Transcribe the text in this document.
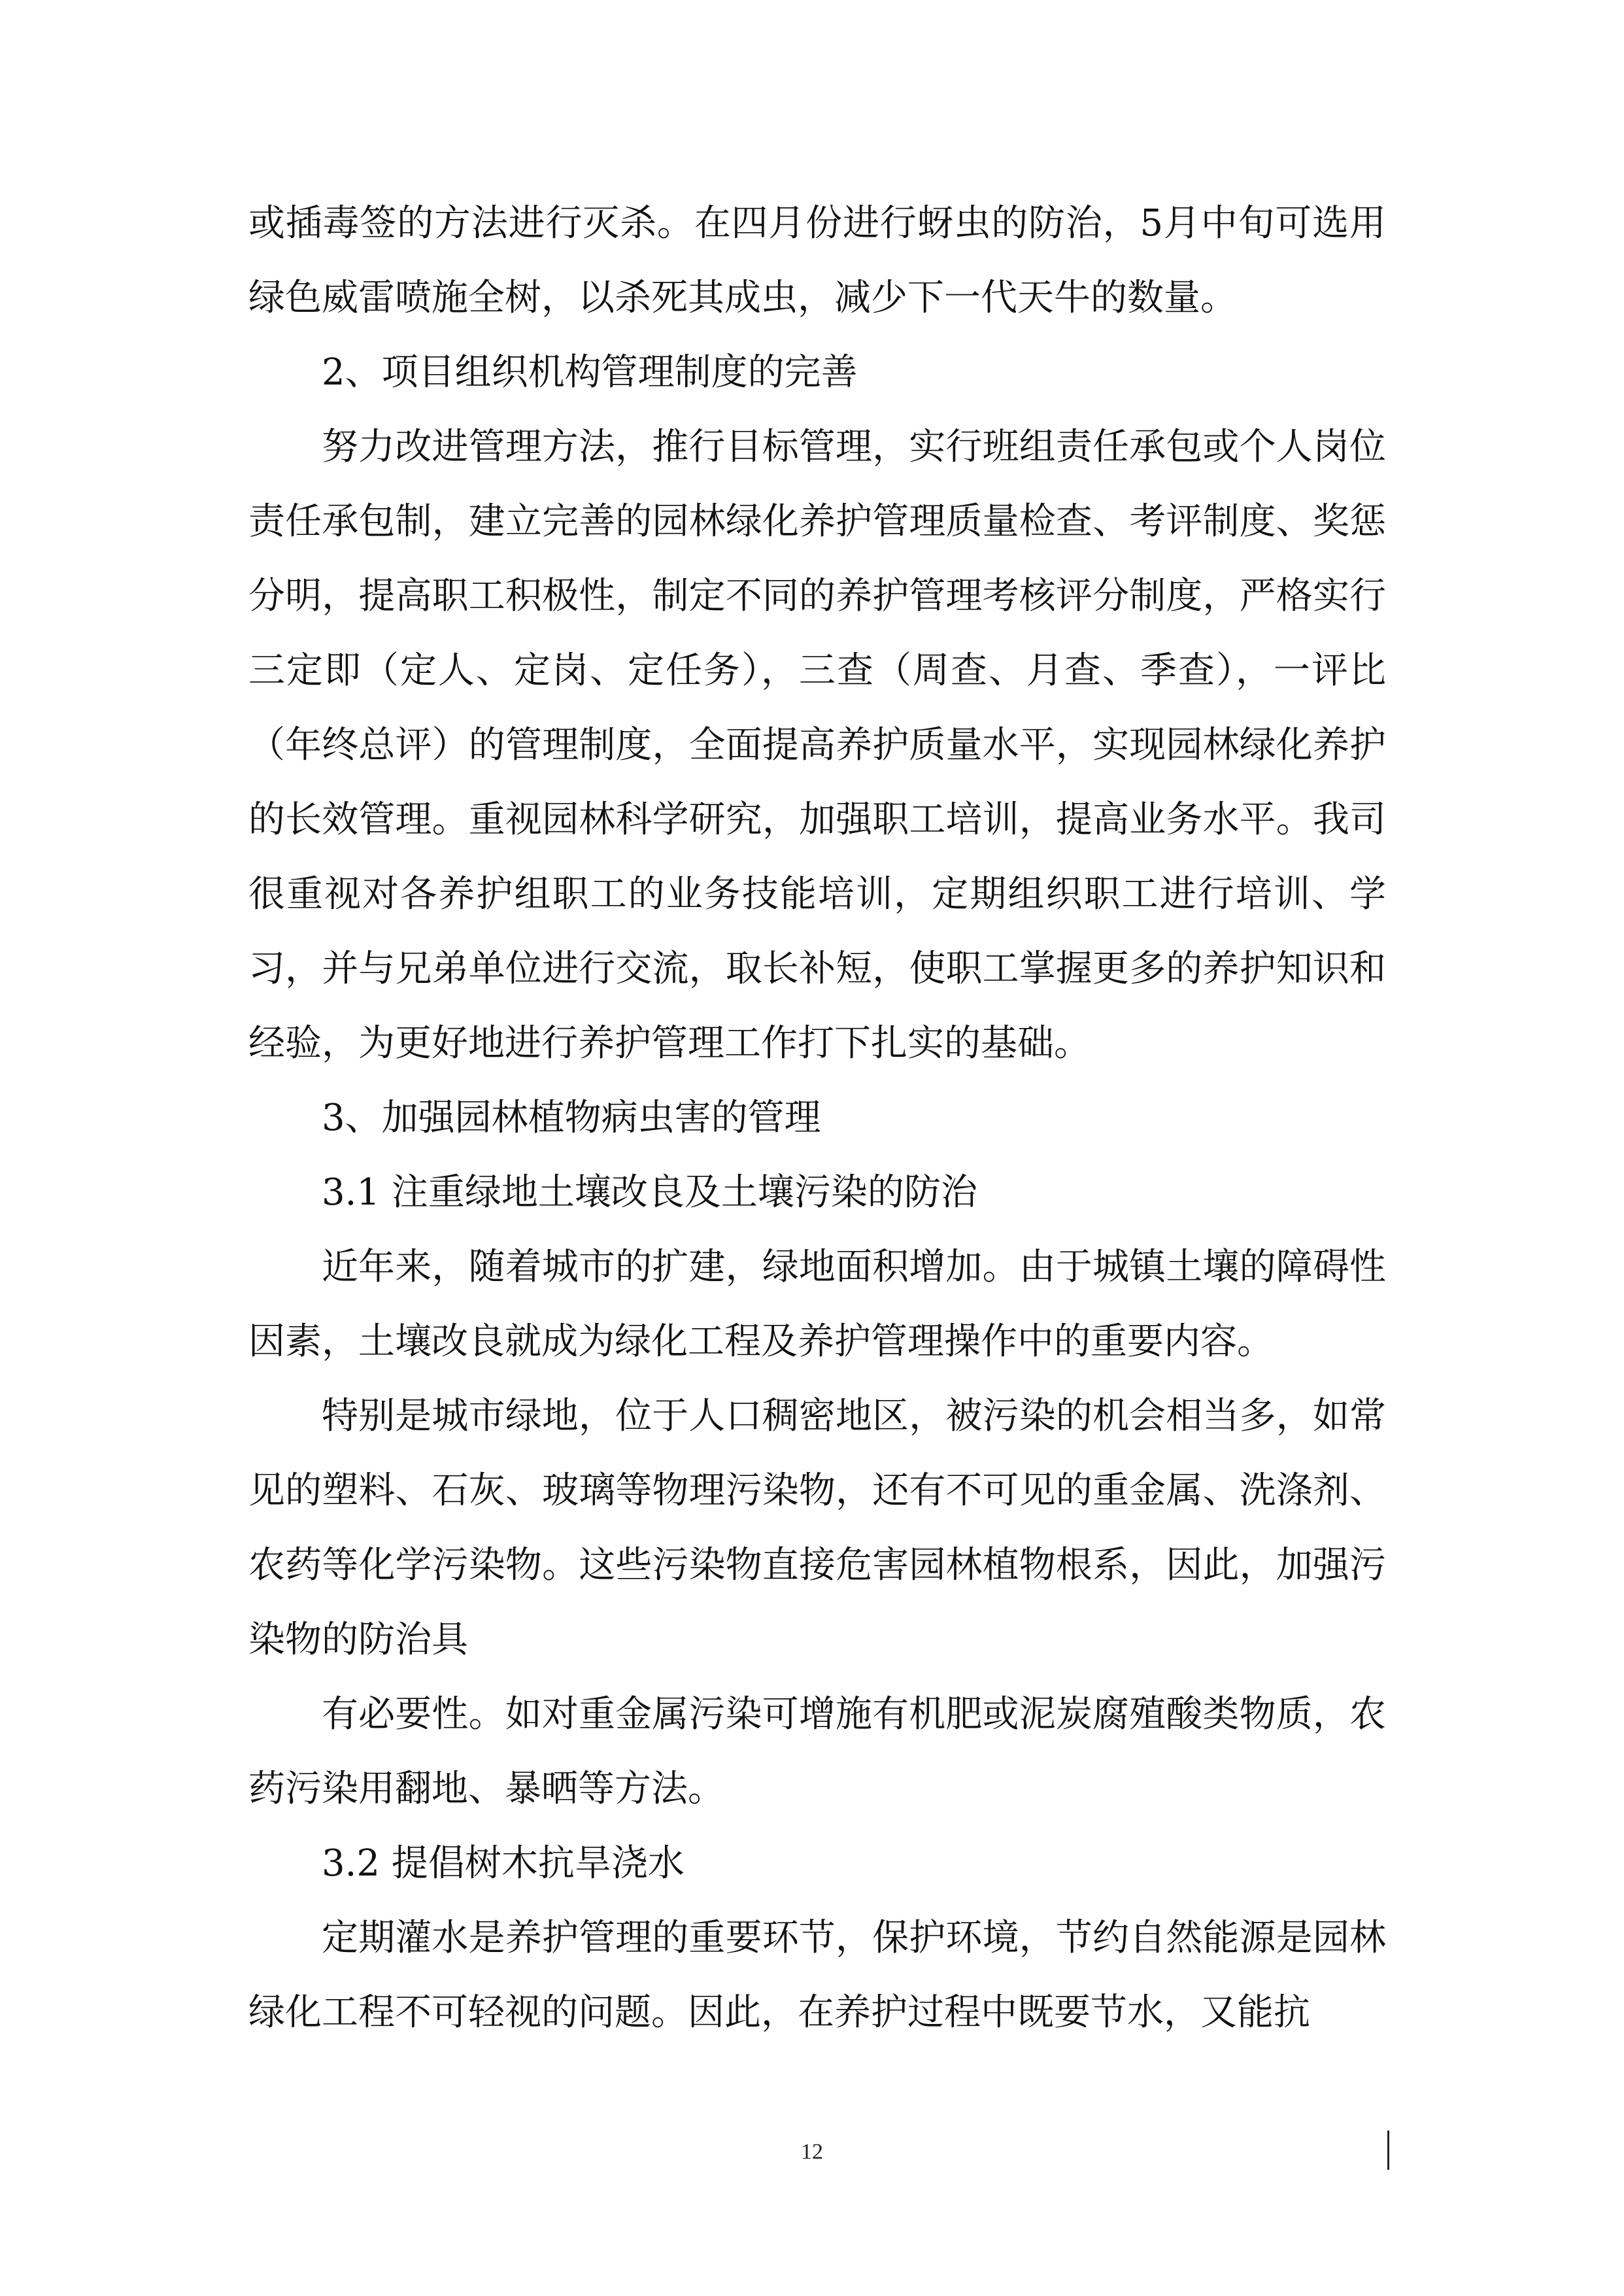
或插毒签的方法进行灭杀。在四月份进行蚜虫的防治，5月中旬可选用绿色威雷喷施全树，以杀死其成虫，减少下一代天牛的数量。

2、项目组织机构管理制度的完善

努力改进管理方法，推行目标管理，实行班组责任承包或个人岗位责任承包制，建立完善的园林绿化养护管理质量检查、考评制度、奖惩分明，提高职工积极性，制定不同的养护管理考核评分制度，严格实行三定即（定人、定岗、定任务），三查（周查、月查、季查），一评比（年终总评）的管理制度，全面提高养护质量水平，实现园林绿化养护的长效管理。重视园林科学研究，加强职工培训，提高业务水平。我司很重视对各养护组职工的业务技能培训，定期组织职工进行培训、学习，并与兄弟单位进行交流，取长补短，使职工掌握更多的养护知识和经验，为更好地进行养护管理工作打下扎实的基础。

3、加强园林植物病虫害的管理

3.1 注重绿地土壤改良及土壤污染的防治

近年来，随着城市的扩建，绿地面积增加。由于城镇土壤的障碍性因素，土壤改良就成为绿化工程及养护管理操作中的重要内容。

特别是城市绿地，位于人口稠密地区，被污染的机会相当多，如常见的塑料、石灰、玻璃等物理污染物，还有不可见的重金属、洗涤剂、农药等化学污染物。这些污染物直接危害园林植物根系，因此，加强污染物的防治具

有必要性。如对重金属污染可增施有机肥或泥炭腐殖酸类物质，农药污染用翻地、暴晒等方法。

3.2 提倡树木抗旱浇水

定期灌水是养护管理的重要环节，保护环境，节约自然能源是园林绿化工程不可轻视的问题。因此，在养护过程中既要节水，又能抗

12
